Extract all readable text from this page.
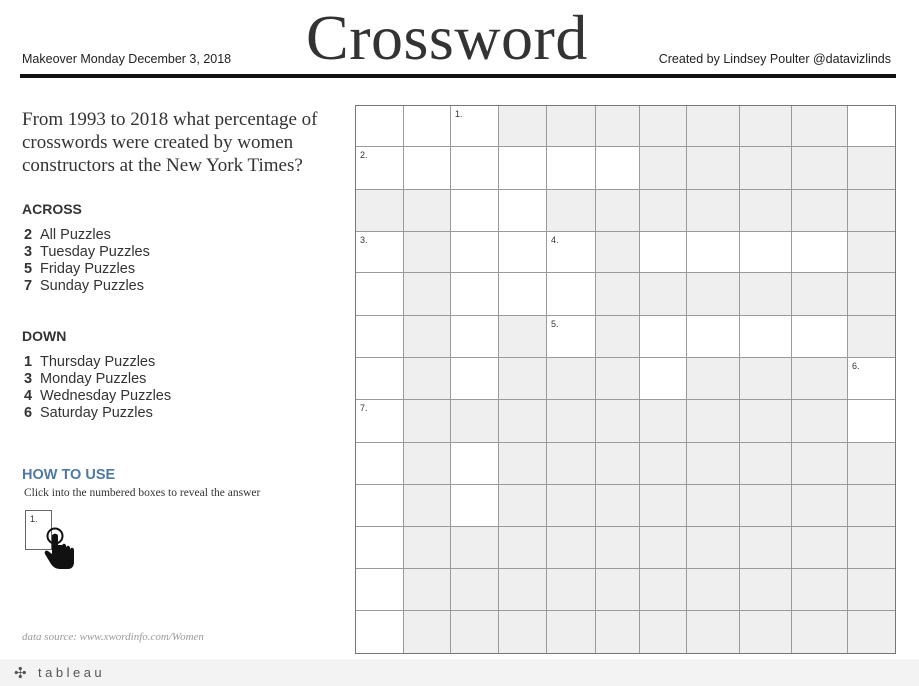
Makeover Monday December 3, 2018 Crossword	Created by Lindsey Poulter @datavizlinds
From 1993 to 2018 what percentage of crosswords were created by women constructors at the New York Times?
ACROSS
2 All Puzzles
3 Tuesday Puzzles
5 Friday Puzzles
7 Sunday Puzzles
DOWN
1 Thursday Puzzles
3 Monday Puzzles
4 Wednesday Puzzles
6 Saturday Puzzles
HOW TO USE
Click into the numbered boxes to reveal the answer
1.
data source: www.xwordinfo.com/Women
1.
2.
3.	4.
5.
6.
7.
✣ tableau
